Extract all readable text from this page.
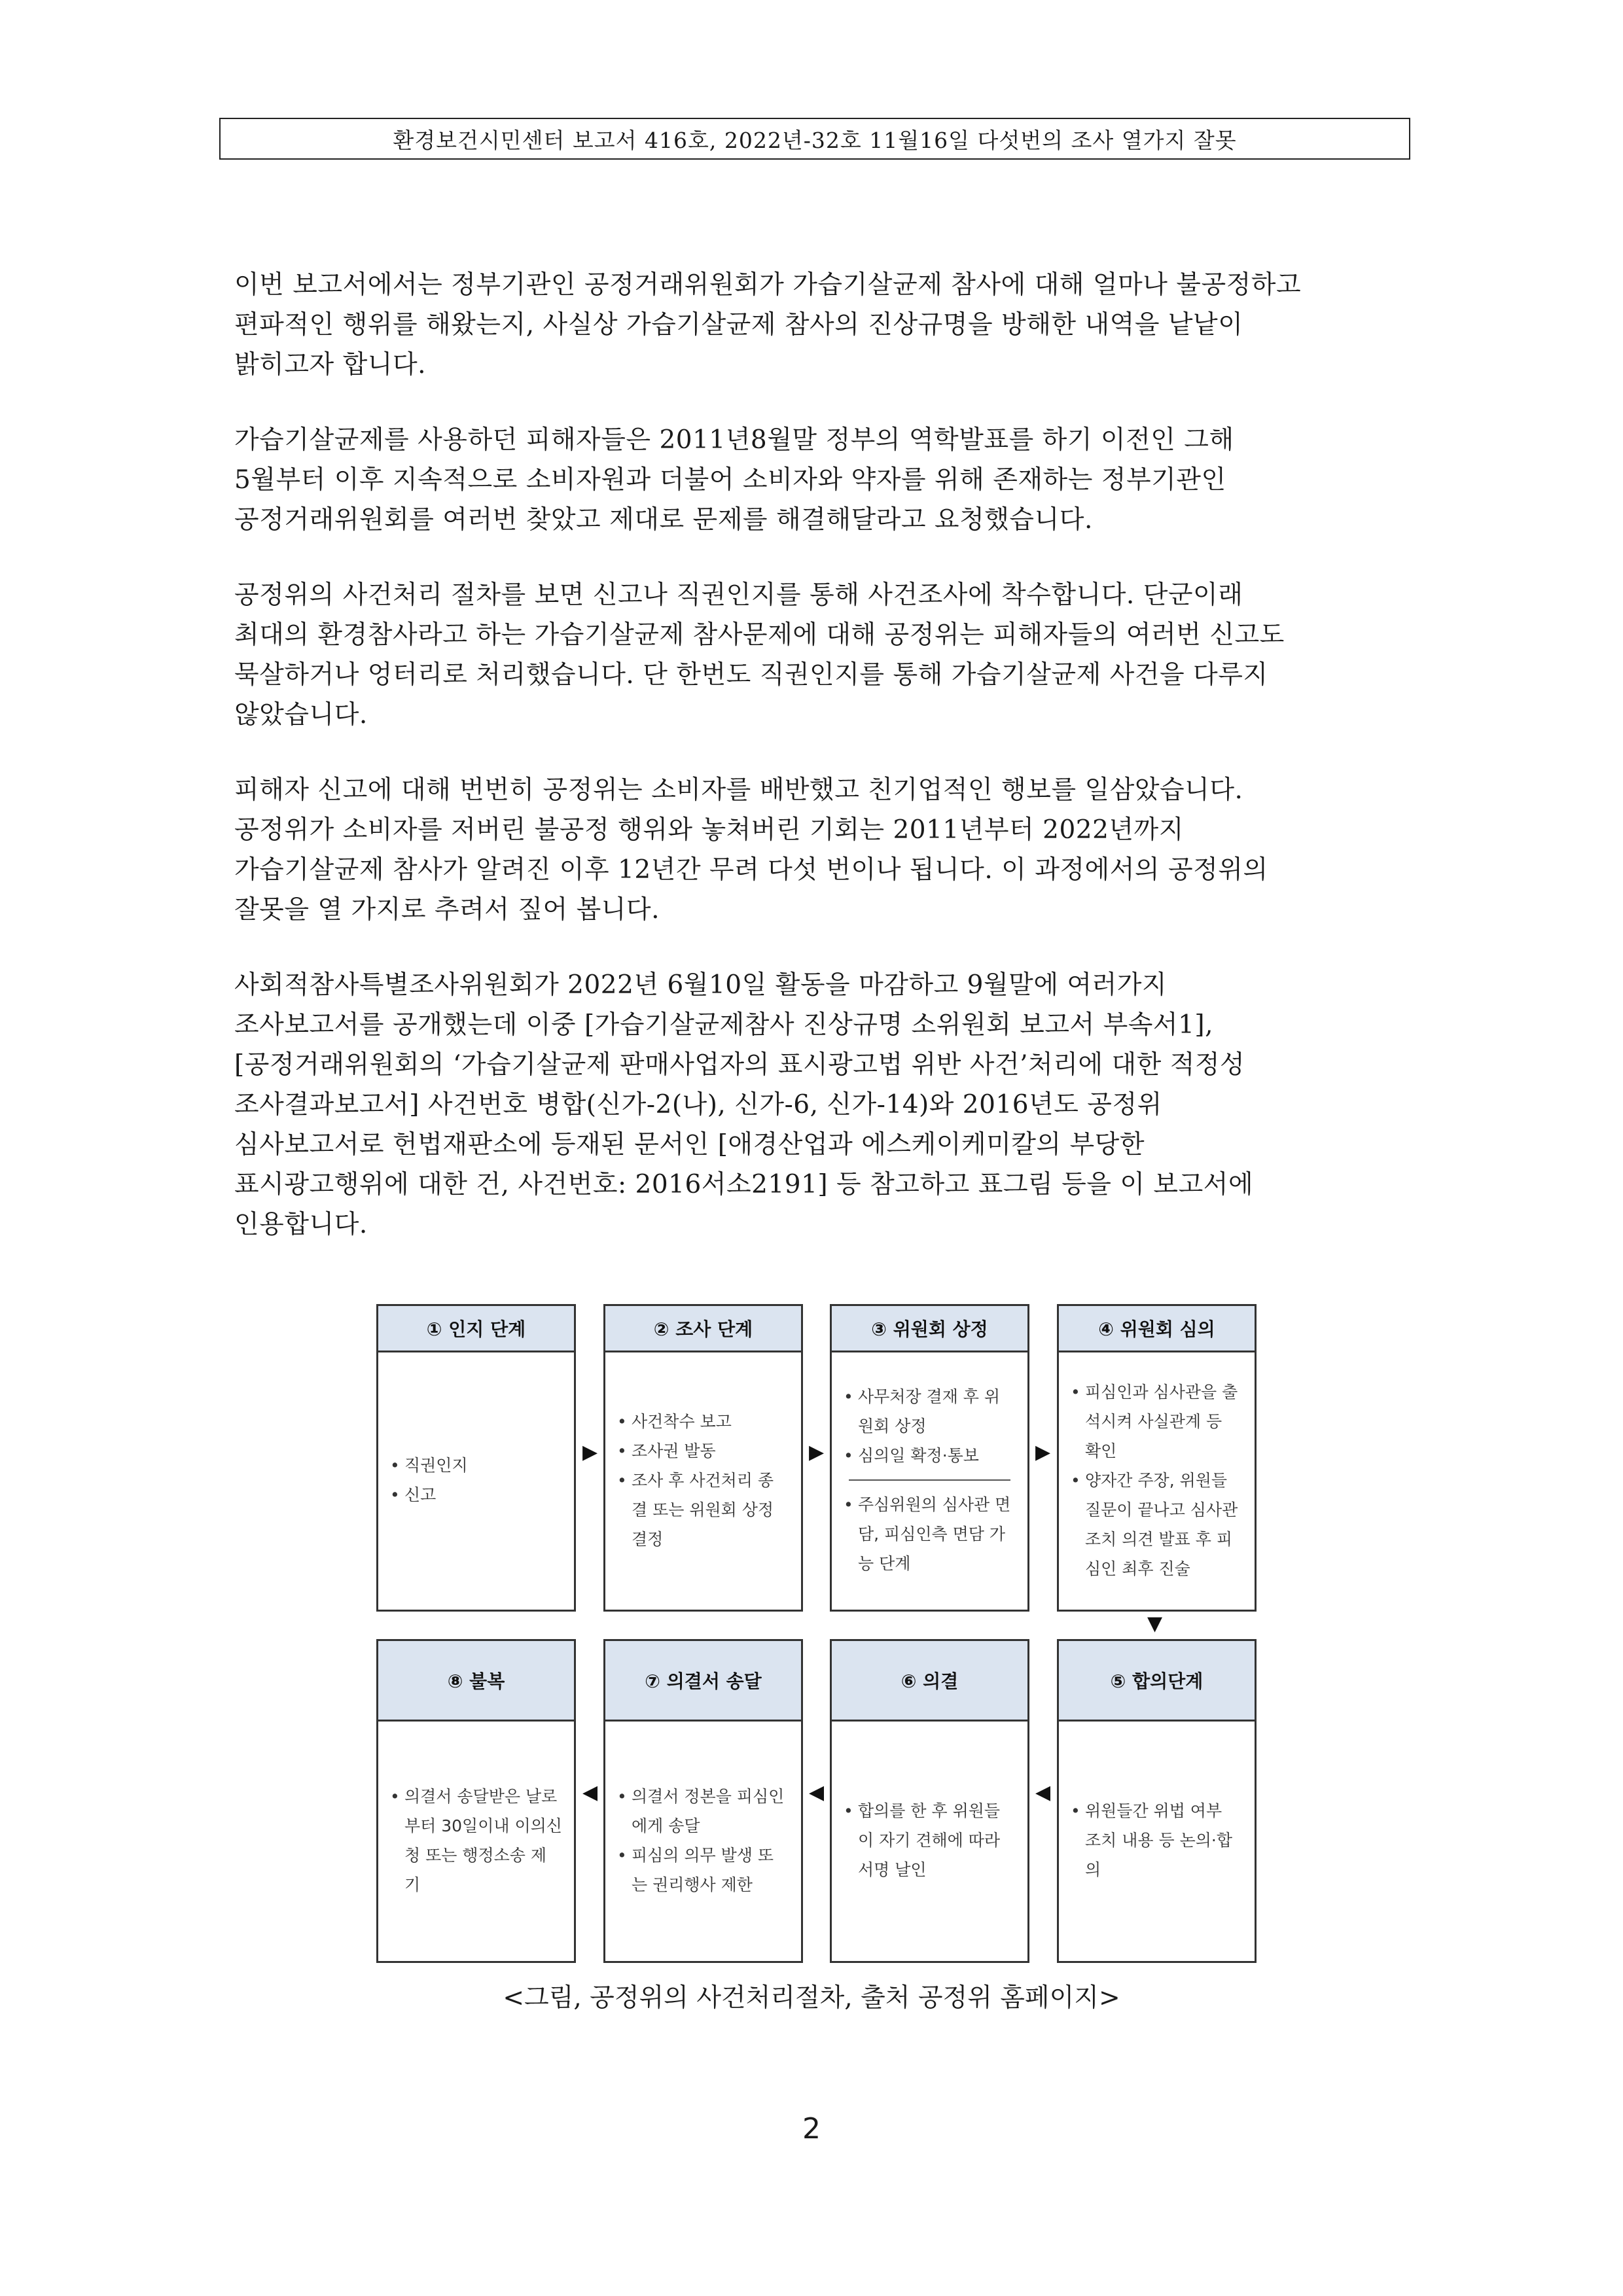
환경보건시민센터 보고서 416호, 2022년-32호 11월16일 다섯번의 조사 열가지 잘못
이번 보고서에서는 정부기관인 공정거래위원회가 가습기살균제 참사에 대해 얼마나 불공정하고
편파적인 행위를 해왔는지, 사실상 가습기살균제 참사의 진상규명을 방해한 내역을 낱낱이
밝히고자 합니다.
가습기살균제를 사용하던 피해자들은 2011년8월말 정부의 역학발표를 하기 이전인 그해
5월부터 이후 지속적으로 소비자원과 더불어 소비자와 약자를 위해 존재하는 정부기관인
공정거래위원회를 여러번 찾았고 제대로 문제를 해결해달라고 요청했습니다.
공정위의 사건처리 절차를 보면 신고나 직권인지를 통해 사건조사에 착수합니다. 단군이래
최대의 환경참사라고 하는 가습기살균제 참사문제에 대해 공정위는 피해자들의 여러번 신고도
묵살하거나 엉터리로 처리했습니다. 단 한번도 직권인지를 통해 가습기살균제 사건을 다루지
않았습니다.
피해자 신고에 대해 번번히 공정위는 소비자를 배반했고 친기업적인 행보를 일삼았습니다.
공정위가 소비자를 저버린 불공정 행위와 놓쳐버린 기회는 2011년부터 2022년까지
가습기살균제 참사가 알려진 이후 12년간 무려 다섯 번이나 됩니다. 이 과정에서의 공정위의
잘못을 열 가지로 추려서 짚어 봅니다.
사회적참사특별조사위원회가 2022년 6월10일 활동을 마감하고 9월말에 여러가지
조사보고서를 공개했는데 이중 [가습기살균제참사 진상규명 소위원회 보고서 부속서1],
[공정거래위원회의 ‘가습기살균제 판매사업자의 표시광고법 위반 사건’처리에 대한 적정성
조사결과보고서] 사건번호 병합(신가-2(나), 신가-6, 신가-14)와 2016년도 공정위
심사보고서로 헌법재판소에 등재된 문서인 [애경산업과 에스케이케미칼의 부당한
표시광고행위에 대한 건, 사건번호: 2016서소2191] 등 참고하고 표그림 등을 이 보고서에
인용합니다.
① 인지 단계
• 직권인지
• 신고
▶
② 조사 단계
• 사건착수 보고
• 조사권 발동
• 조사 후 사건처리 종결 또는 위원회 상정 결정
▶
③ 위원회 상정
• 사무처장 결재 후 위원회 상정
• 심의일 확정·통보
• 주심위원의 심사관 면담, 피심인측 면담 가능 단계
▶
④ 위원회 심의
• 피심인과 심사관을 출석시켜 사실관계 등 확인
• 양자간 주장, 위원들 질문이 끝나고 심사관 조치 의견 발표 후 피심인 최후 진술
▼
⑧ 불복
• 의결서 송달받은 날로부터 30일이내 이의신청 또는 행정소송 제기
◀
⑦ 의결서 송달
• 의결서 정본을 피심인에게 송달
• 피심의 의무 발생 또는 권리행사 제한
◀
⑥ 의결
• 합의를 한 후 위원들이 자기 견해에 따라 서명 날인
◀
⑤ 합의단계
• 위원들간 위법 여부 조치 내용 등 논의·합의
<그림, 공정위의 사건처리절차, 출처 공정위 홈페이지>
2
